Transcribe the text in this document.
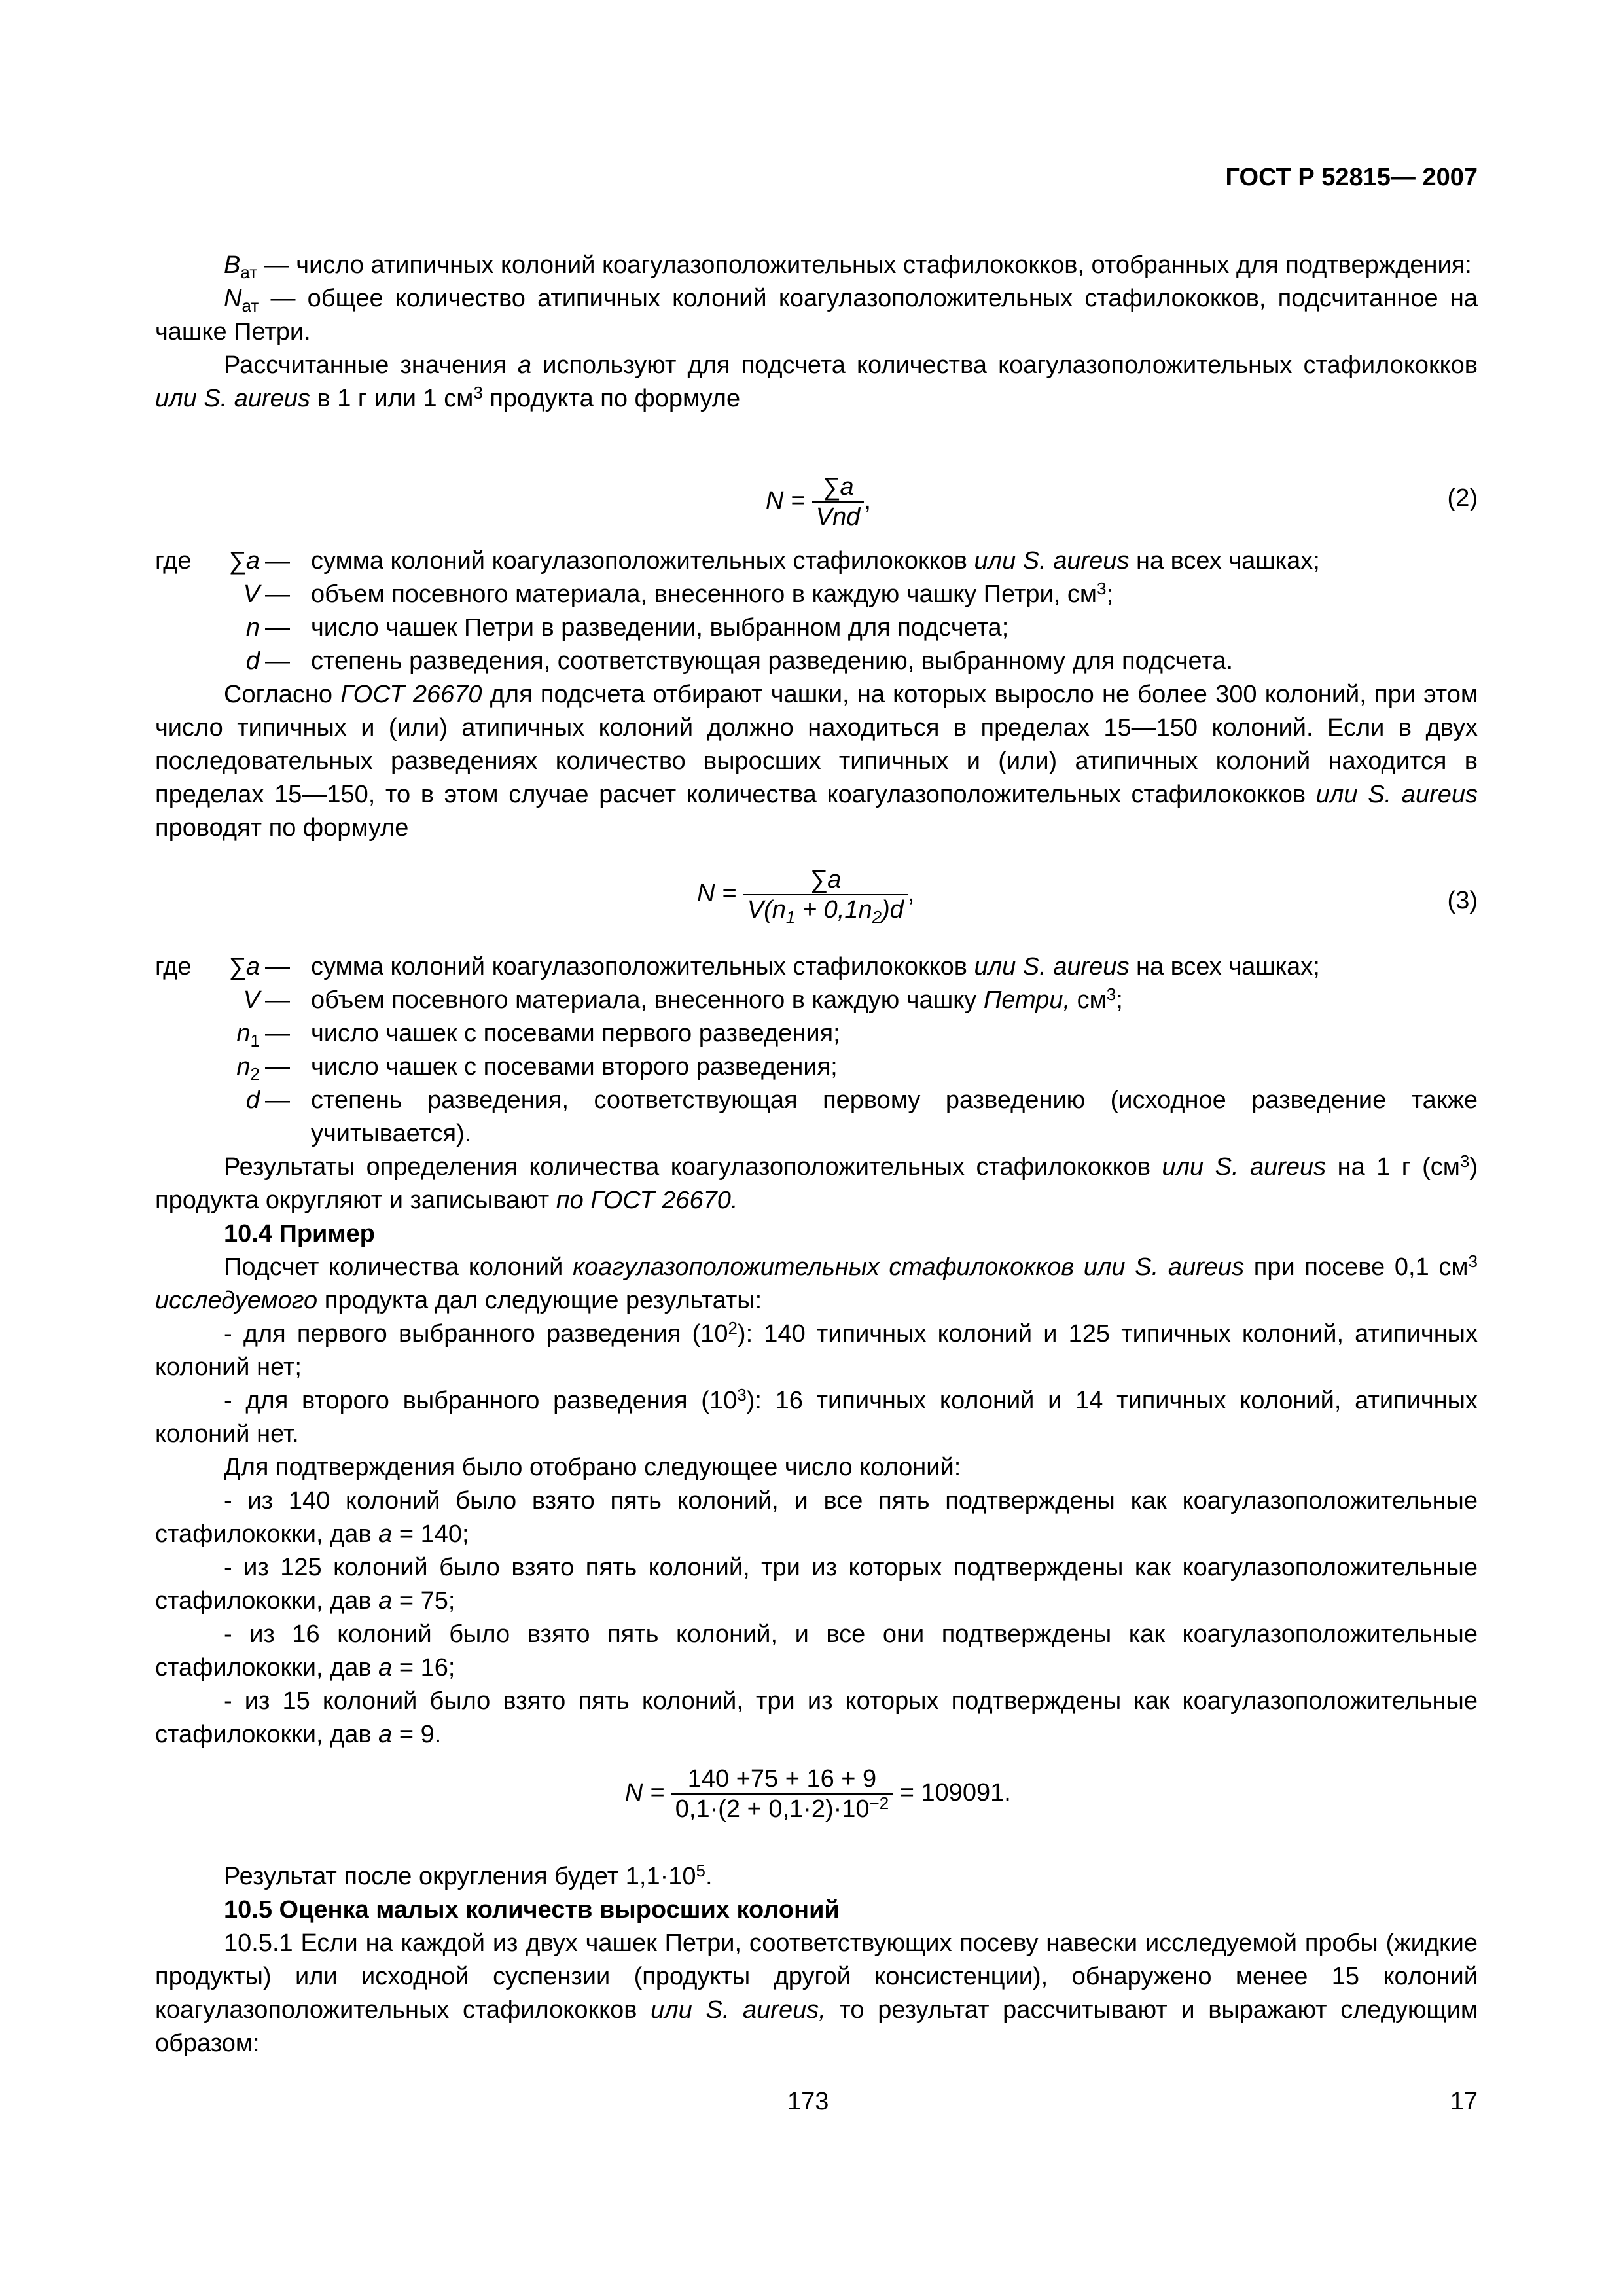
ГОСТ Р 52815— 2007

$B_{ат}$ — число атипичных колоний коагулазоположительных стафилококков, отобранных для подтверждения:

$N_{ат}$ — общее количество атипичных колоний коагулазоположительных стафилококков, подсчитанное на чашке Петри.

Рассчитанные значения а используют для подсчета количества коагулазоположительных стафилококков или S. aureus в 1 г или 1 $см^3$ продукта по формуле

$N = \frac{\sum а}{\text{Vnd}}$ ,	(2)
где	∑а — сумма колоний коагулазоположительных стафилококков или S. aureus на всех чашках;
V — объем посевного материала, внесенного в каждую чашку Петри, $см^3$;
n — число чашек Петри в разведении, выбранном для подсчета;
d — степень разведения, соответствующая разведению, выбранному для подсчета.

Согласно ГОСТ 26670 для подсчета отбирают чашки, на которых выросло не более 300 колоний, при этом число типичных и (или) атипичных колоний должно находиться в пределах 15—150 колоний. Если в двух последовательных разведениях количество выросших типичных и (или) атипичных колоний находится в пределах 15—150, то в этом случае расчет количества коагулазоположительных стафилококков или S. aureus проводят по формуле

$N = \frac{\sum а}{V(n_1 + 0,1n_2)d}$ ,	(3)
где	∑а — сумма колоний коагулазоположительных стафилококков или S. aureus на всех чашках;
V — объем посевного материала, внесенного в каждую чашку Петри, $см^3$;
$n_1$ — число чашек с посевами первого разведения;
$n_2$ — число чашек с посевами второго разведения;
d — степень разведения, соответствующая первому разведению (исходное разведение также учитывается).

Результаты определения количества коагулазоположительных стафилококков или S. aureus на 1 г $(см^3)$ продукта округляют и записывают по ГОСТ 26670.

10.4 Пример

Подсчет количества колоний коагулазоположительных стафилококков или S. aureus при посеве 0,1 $см^3$ исследуемого продукта дал следующие результаты:

- для первого выбранного разведения $(10^2)$: 140 типичных колоний и 125 типичных колоний, атипичных колоний нет;

- для второго выбранного разведения $(10^3)$: 16 типичных колоний и 14 типичных колоний, атипичных колоний нет.

Для подтверждения было отобрано следующее число колоний:

- из 140 колоний было взято пять колоний, и все пять подтверждены как коагулазоположительные стафилококки, дав а = 140;

- из 125 колоний было взято пять колоний, три из которых подтверждены как коагулазоположительные стафилококки, дав а = 75;

- из 16 колоний было взято пять колоний, и все они подтверждены как коагулазоположительные стафилококки, дав а = 16;

- из 15 колоний было взято пять колоний, три из которых подтверждены как коагулазоположительные стафилококки, дав а = 9.

$N = \frac{140 +75 + 16 + 9}{0,1\cdot(2 + 0,1\cdot 2)\cdot 10^{-2}} = 109091$.

Результат после округления будет $1,1\cdot 10^5$.

10.5 Оценка малых количеств выросших колоний

10.5.1 Если на каждой из двух чашек Петри, соответствующих посеву навески исследуемой пробы (жидкие продукты) или исходной суспензии (продукты другой консистенции), обнаружено менее 15 колоний коагулазоположительных стафилококков или S. aureus, то результат рассчитывают и выражают следующим образом:

173	17
